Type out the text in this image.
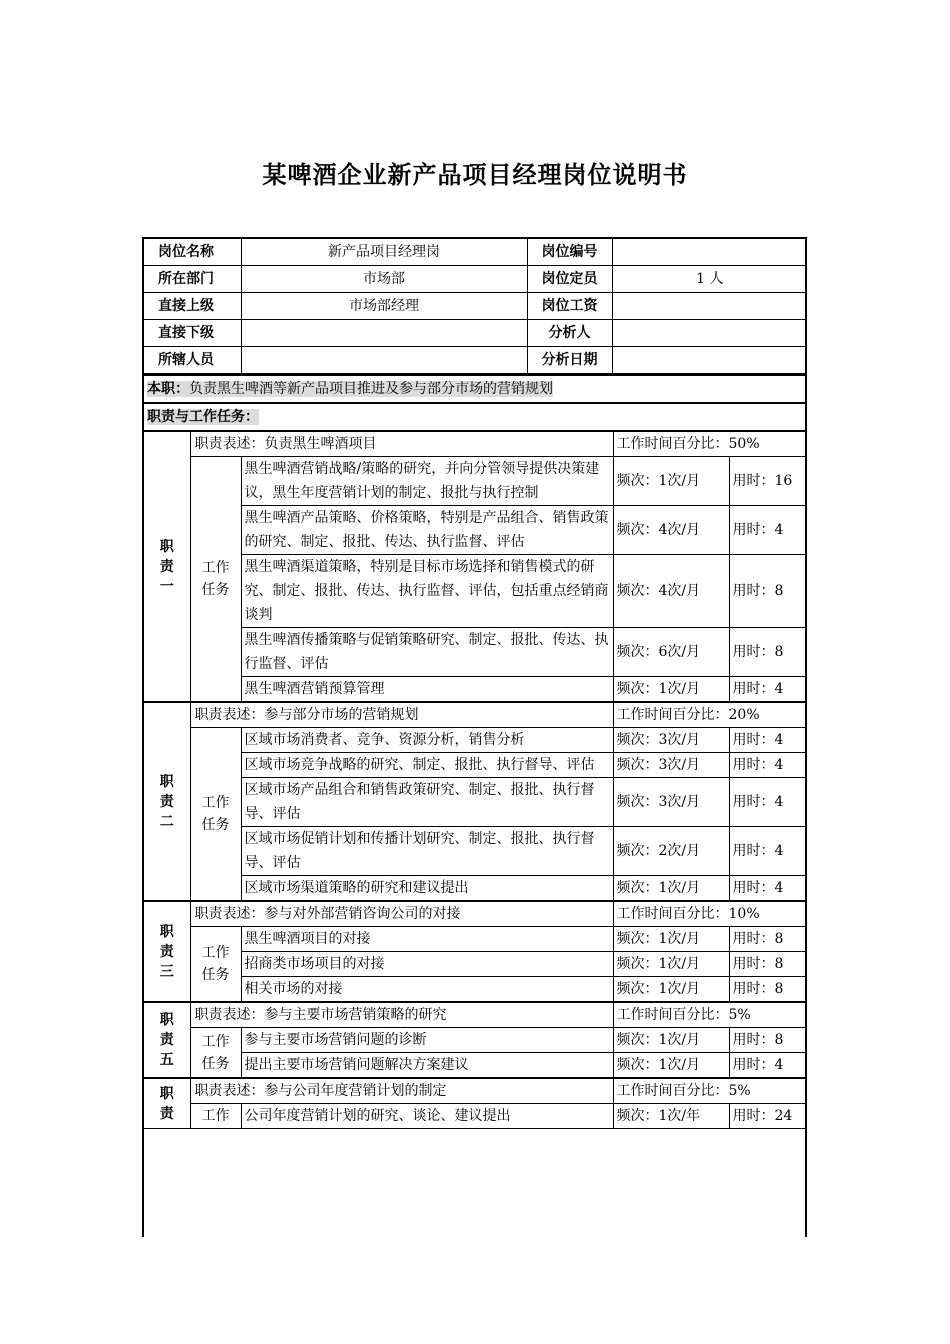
某啤酒企业新产品项目经理岗位说明书
岗位名称	新产品项目经理岗	岗位编号	
所在部门	市场部	岗位定员	1 人
直接上级	市场部经理	岗位工资	
直接下级		分析人	
所辖人员		分析日期	
本职：负责黑生啤酒等新产品项目推进及参与部分市场的营销规划				
职责与工作任务：				
职责一	职责表述：负责黑生啤酒项目		工作时间百分比：50%	
	工作任务	黑生啤酒营销战略/策略的研究，并向分管领导提供决策建议，黑生年度营销计划的制定、报批与执行控制	频次：1次/月	用时：16
		黑生啤酒产品策略、价格策略，特别是产品组合、销售政策的研究、制定、报批、传达、执行监督、评估	频次：4次/月	用时：4
		黑生啤酒渠道策略，特别是目标市场选择和销售模式的研究、制定、报批、传达、执行监督、评估，包括重点经销商谈判	频次：4次/月	用时：8
		黑生啤酒传播策略与促销策略研究、制定、报批、传达、执行监督、评估	频次：6次/月	用时：8
		黑生啤酒营销预算管理	频次：1次/月	用时：4
职责二	职责表述：参与部分市场的营销规划		工作时间百分比：20%	
	工作任务	区域市场消费者、竞争、资源分析，销售分析	频次：3次/月	用时：4
		区域市场竞争战略的研究、制定、报批、执行督导、评估	频次：3次/月	用时：4
		区域市场产品组合和销售政策研究、制定、报批、执行督导、评估	频次：3次/月	用时：4
		区域市场促销计划和传播计划研究、制定、报批、执行督导、评估	频次：2次/月	用时：4
		区域市场渠道策略的研究和建议提出	频次：1次/月	用时：4
职责三	职责表述：参与对外部营销咨询公司的对接		工作时间百分比：10%	
	工作任务	黑生啤酒项目的对接	频次：1次/月	用时：8
		招商类市场项目的对接	频次：1次/月	用时：8
		相关市场的对接	频次：1次/月	用时：8
职责五	职责表述：参与主要市场营销策略的研究		工作时间百分比：5%	
	工作任务	参与主要市场营销问题的诊断	频次：1次/月	用时：8
		提出主要市场营销问题解决方案建议	频次：1次/月	用时：4
职责	职责表述：参与公司年度营销计划的制定		工作时间百分比：5%	
	工作	公司年度营销计划的研究、谈论、建议提出	频次：1次/年	用时：24
